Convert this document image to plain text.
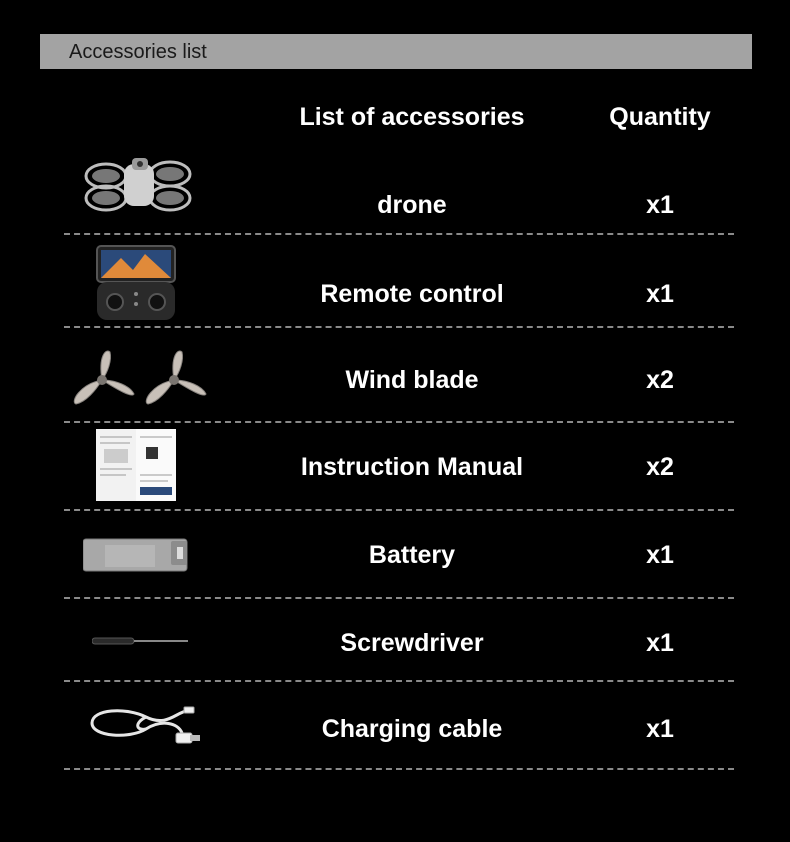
Accessories list
List of accessories	Quantity
drone	x1
Remote control	x1
Wind blade	x2
Instruction Manual	x2
Battery	x1
Screwdriver	x1
Charging cable	x1
